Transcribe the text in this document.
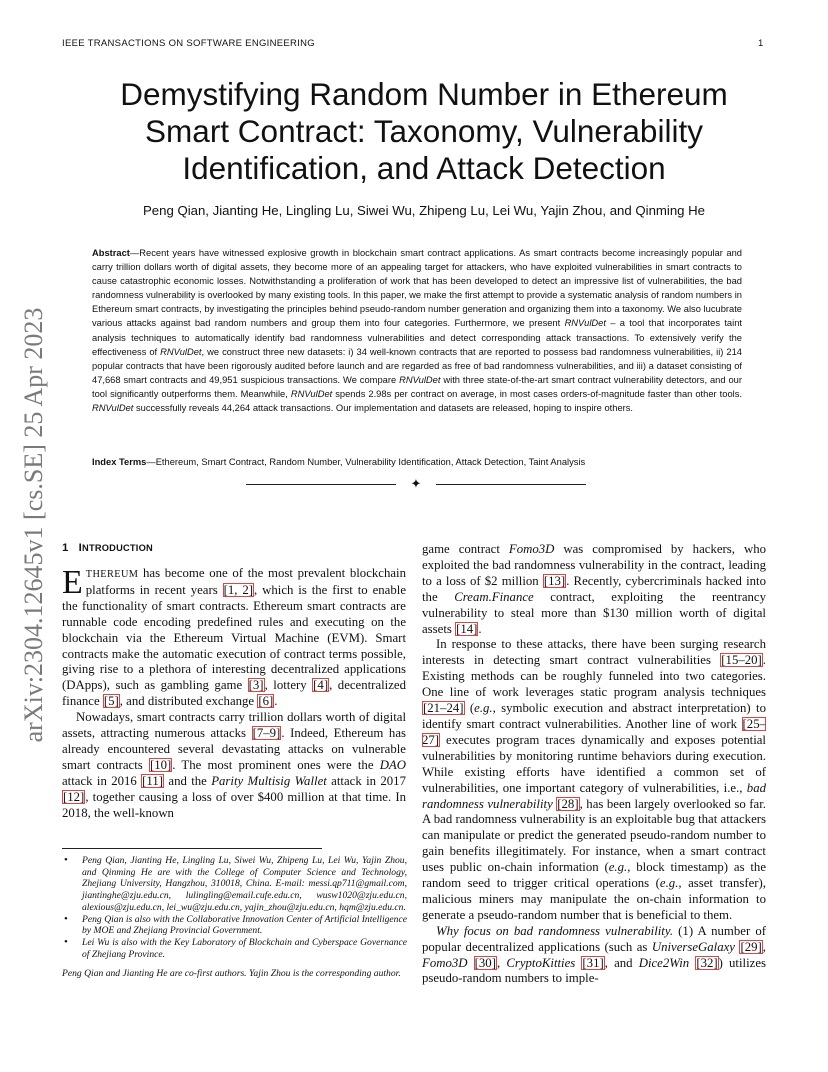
IEEE TRANSACTIONS ON SOFTWARE ENGINEERING	1
arXiv:2304.12645v1 [cs.SE] 25 Apr 2023
Demystifying Random Number in Ethereum
Smart Contract: Taxonomy, Vulnerability
Identification, and Attack Detection
Peng Qian, Jianting He, Lingling Lu, Siwei Wu, Zhipeng Lu, Lei Wu, Yajin Zhou, and Qinming He
Abstract—Recent years have witnessed explosive growth in blockchain smart contract applications. As smart contracts become increasingly popular and carry trillion dollars worth of digital assets, they become more of an appealing target for attackers, who have exploited vulnerabilities in smart contracts to cause catastrophic economic losses. Notwithstanding a proliferation of work that has been developed to detect an impressive list of vulnerabilities, the bad randomness vulnerability is overlooked by many existing tools. In this paper, we make the first attempt to provide a systematic analysis of random numbers in Ethereum smart contracts, by investigating the principles behind pseudo-random number generation and organizing them into a taxonomy. We also lucubrate various attacks against bad random numbers and group them into four categories. Furthermore, we present RNVulDet – a tool that incorporates taint analysis techniques to automatically identify bad randomness vulnerabilities and detect corresponding attack transactions. To extensively verify the effectiveness of RNVulDet, we construct three new datasets: i) 34 well-known contracts that are reported to possess bad randomness vulnerabilities, ii) 214 popular contracts that have been rigorously audited before launch and are regarded as free of bad randomness vulnerabilities, and iii) a dataset consisting of 47,668 smart contracts and 49,951 suspicious transactions. We compare RNVulDet with three state-of-the-art smart contract vulnerability detectors, and our tool significantly outperforms them. Meanwhile, RNVulDet spends 2.98s per contract on average, in most cases orders-of-magnitude faster than other tools. RNVulDet successfully reveals 44,264 attack transactions. Our implementation and datasets are released, hoping to inspire others.
Index Terms—Ethereum, Smart Contract, Random Number, Vulnerability Identification, Attack Detection, Taint Analysis
✦
1 INTRODUCTION

ETHEREUM has become one of the most prevalent blockchain platforms in recent years [1, 2], which is the first to enable the functionality of smart contracts. Ethereum smart contracts are runnable code encoding predefined rules and executing on the blockchain via the Ethereum Virtual Machine (EVM). Smart contracts make the automatic execution of contract terms possible, giving rise to a plethora of interesting decentralized applications (DApps), such as gambling game [3], lottery [4], decentralized finance [5], and distributed exchange [6].

Nowadays, smart contracts carry trillion dollars worth of digital assets, attracting numerous attacks [7–9]. Indeed, Ethereum has already encountered several devastating attacks on vulnerable smart contracts [10]. The most prominent ones were the DAO attack in 2016 [11] and the Parity Multisig Wallet attack in 2017 [12], together causing a loss of over $400 million at that time. In 2018, the well-known

• Peng Qian, Jianting He, Lingling Lu, Siwei Wu, Zhipeng Lu, Lei Wu, Yajin Zhou, and Qinming He are with the College of Computer Science and Technology, Zhejiang University, Hangzhou, 310018, China. E-mail: messi.qp711@gmail.com, jiantinghe@zju.edu.cn, lulingling@email.cufe.edu.cn, wusw1020@zju.edu.cn, alexious@zju.edu.cn, lei_wu@zju.edu.cn, yajin_zhou@zju.edu.cn, hqm@zju.edu.cn.
• Peng Qian is also with the Collaborative Innovation Center of Artificial Intelligence by MOE and Zhejiang Provincial Government.
• Lei Wu is also with the Key Laboratory of Blockchain and Cyberspace Governance of Zhejiang Province.

Peng Qian and Jianting He are co-first authors. Yajin Zhou is the corresponding author.

game contract Fomo3D was compromised by hackers, who exploited the bad randomness vulnerability in the contract, leading to a loss of $2 million [13]. Recently, cybercriminals hacked into the Cream.Finance contract, exploiting the reentrancy vulnerability to steal more than $130 million worth of digital assets [14].

In response to these attacks, there have been surging research interests in detecting smart contract vulnerabilities [15–20]. Existing methods can be roughly funneled into two categories. One line of work leverages static program analysis techniques [21–24] (e.g., symbolic execution and abstract interpretation) to identify smart contract vulnerabilities. Another line of work [25–27] executes program traces dynamically and exposes potential vulnerabilities by monitoring runtime behaviors during execution. While existing efforts have identified a common set of vulnerabilities, one important category of vulnerabilities, i.e., bad randomness vulnerability [28], has been largely overlooked so far. A bad randomness vulnerability is an exploitable bug that attackers can manipulate or predict the generated pseudo-random number to gain benefits illegitimately. For instance, when a smart contract uses public on-chain information (e.g., block timestamp) as the random seed to trigger critical operations (e.g., asset transfer), malicious miners may manipulate the on-chain information to generate a pseudo-random number that is beneficial to them.

Why focus on bad randomness vulnerability. (1) A number of popular decentralized applications (such as UniverseGalaxy [29], Fomo3D [30], CryptoKitties [31], and Dice2Win [32]) utilizes pseudo-random numbers to imple-
